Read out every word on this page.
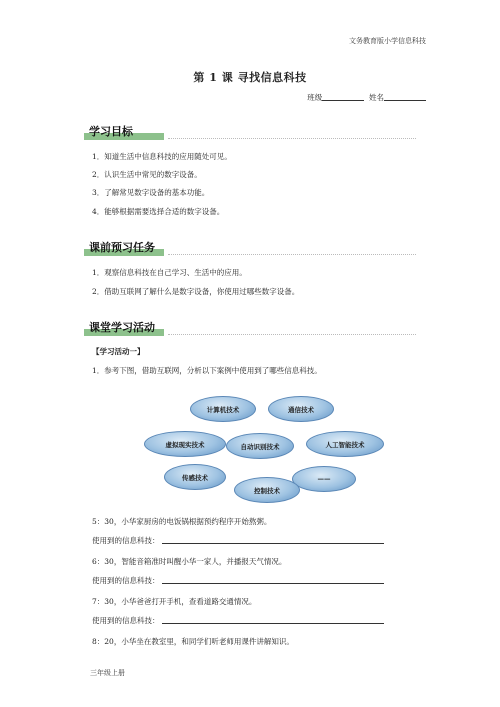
文务教育版小学信息科技
第 1 课 寻找信息科技
班级	姓名
学习目标
1．知道生活中信息科技的应用随处可见。
2．认识生活中常见的数字设备。
3．了解常见数字设备的基本功能。
4．能够根据需要选择合适的数字设备。
课前预习任务
1．观察信息科技在自己学习、生活中的应用。
2．借助互联网了解什么是数字设备，你使用过哪些数字设备。
课堂学习活动
【学习活动一】
1．参考下图，借助互联网，分析以下案例中使用到了哪些信息科技。
计算机技术	通信技术
虚拟现实技术	自动识别技术	人工智能技术
传感技术	——
控制技术
5：30，小华家厨房的电饭锅根据预约程序开始熬粥。
使用到的信息科技：
6：30，智能音箱准时叫醒小华一家人，并播报天气情况。
使用到的信息科技：
7：30，小华爸爸打开手机，查看道路交通情况。
使用到的信息科技：
8：20，小华坐在教室里，和同学们听老师用课件讲解知识。
三年级上册
